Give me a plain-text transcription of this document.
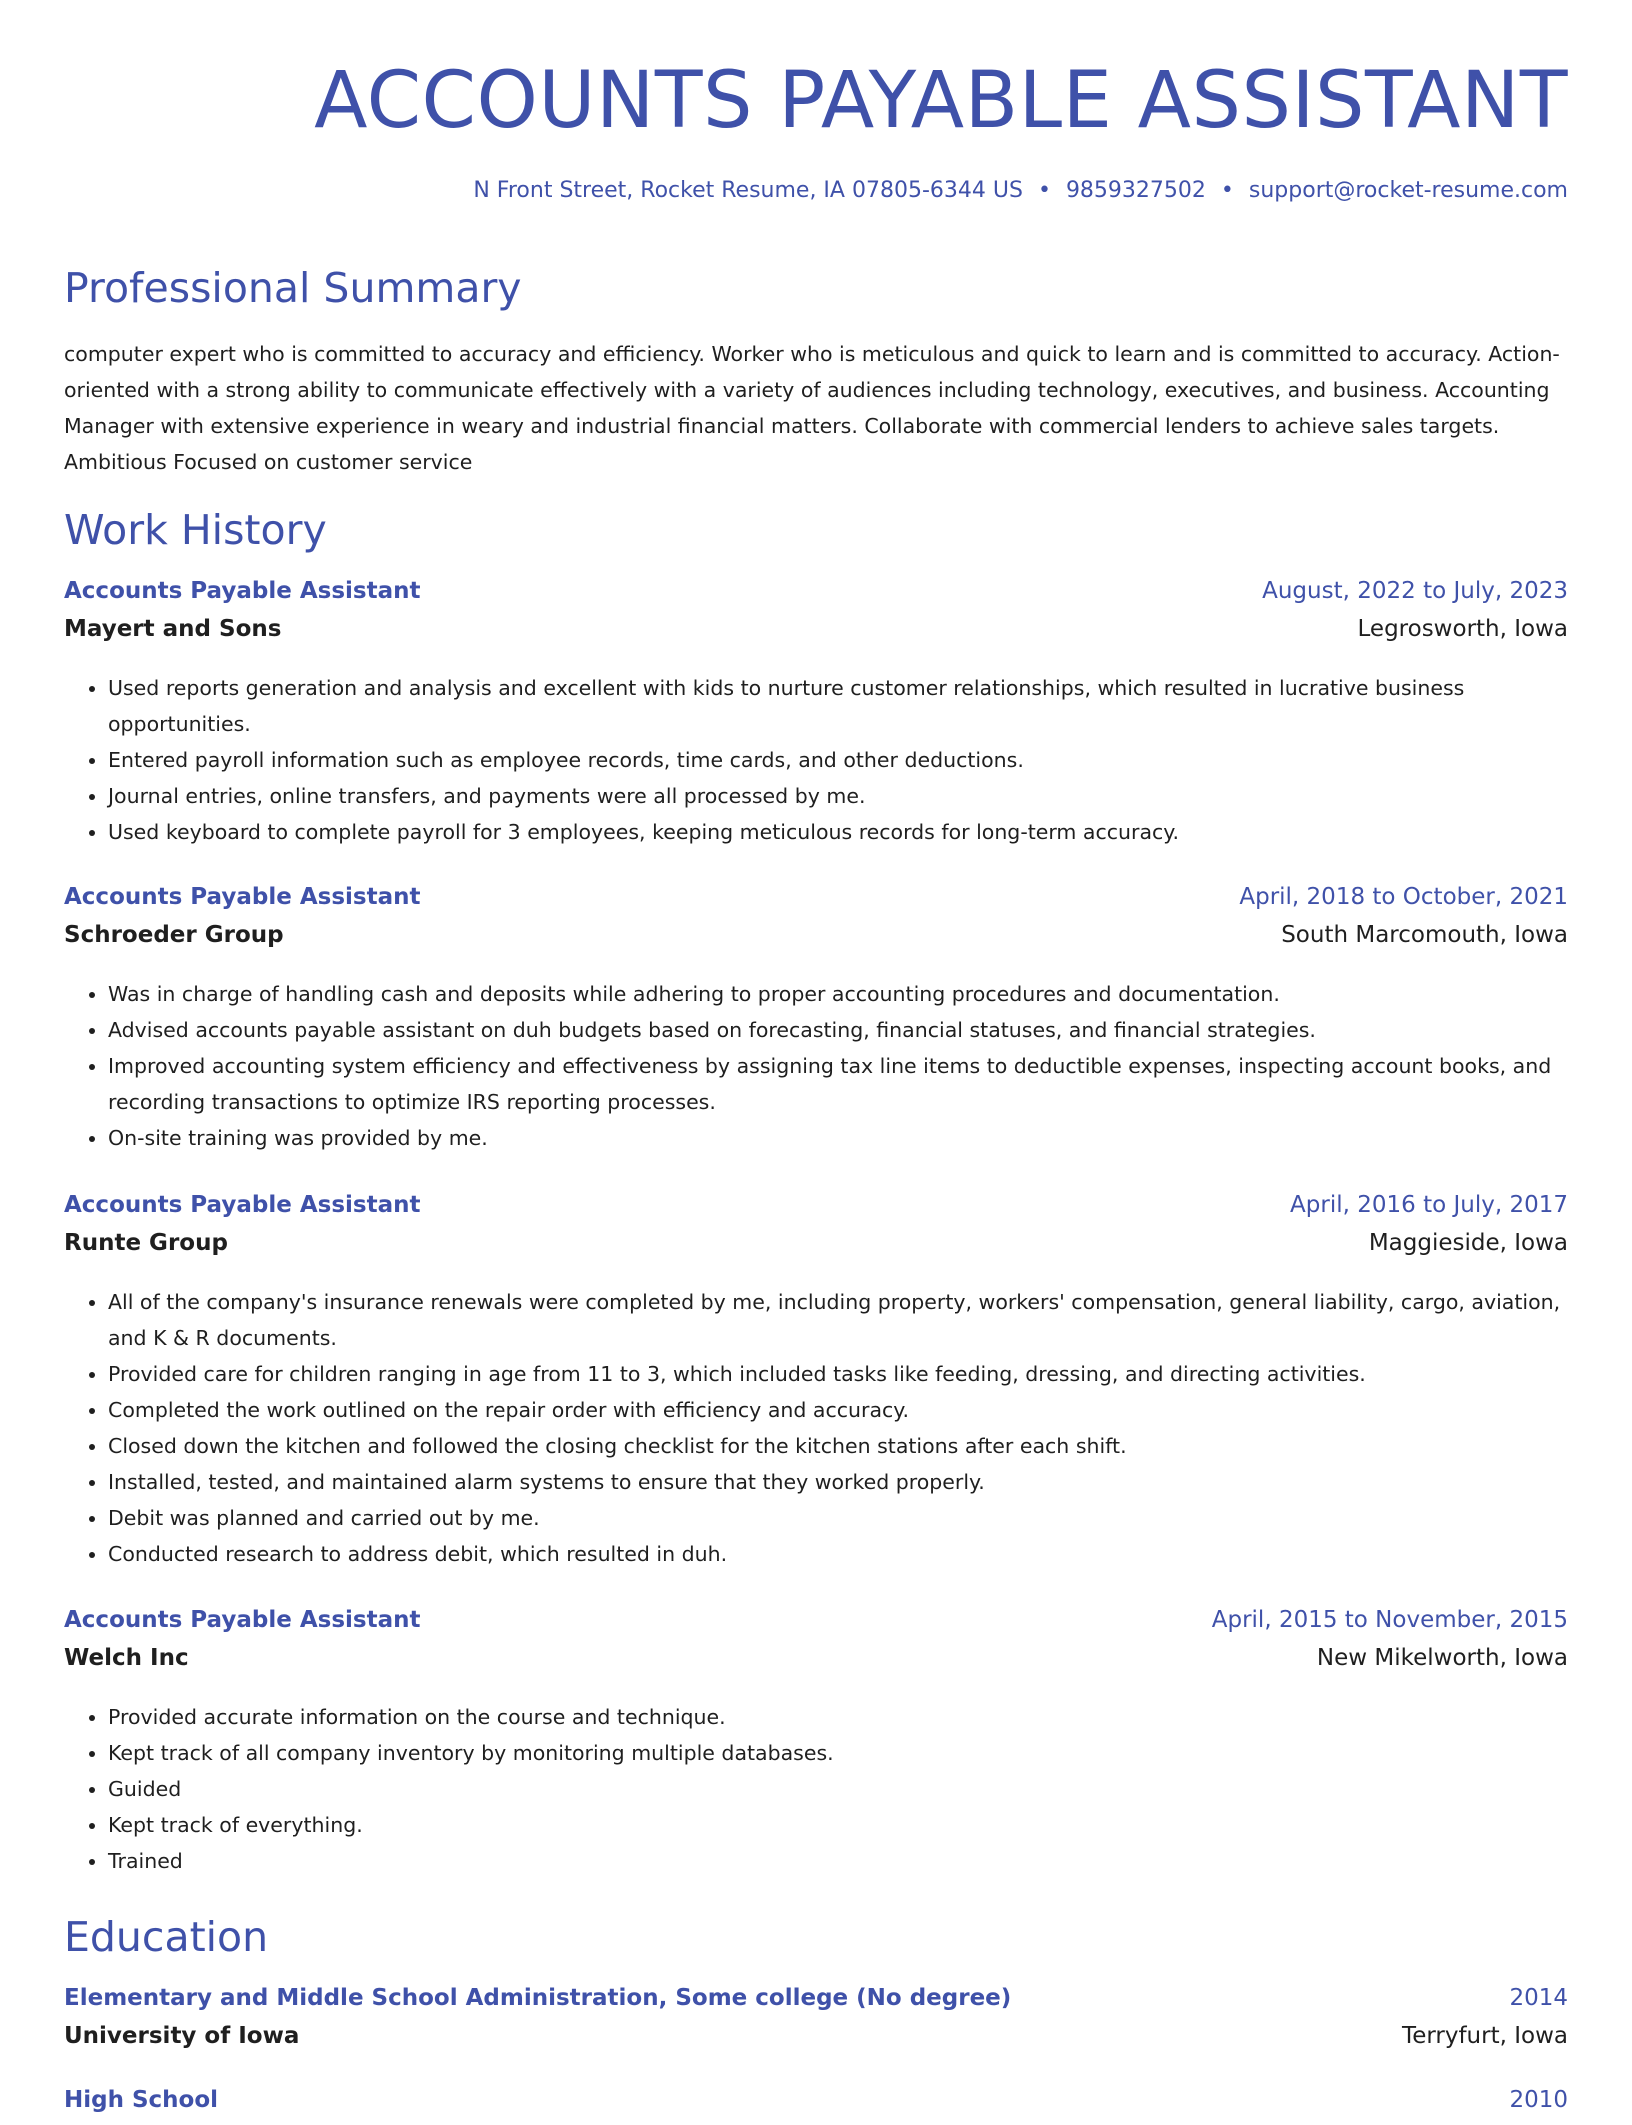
ACCOUNTS PAYABLE ASSISTANT
N Front Street, Rocket Resume, IA 07805-6344 US • 9859327502 • support@rocket-resume.com
Professional Summary
computer expert who is committed to accuracy and efficiency. Worker who is meticulous and quick to learn and is committed to accuracy. Action-oriented with a strong ability to communicate effectively with a variety of audiences including technology, executives, and business. Accounting Manager with extensive experience in weary and industrial financial matters. Collaborate with commercial lenders to achieve sales targets. Ambitious Focused on customer service
Work History
Accounts Payable Assistant	August, 2022 to July, 2023
Mayert and Sons	Legrosworth, Iowa
• Used reports generation and analysis and excellent with kids to nurture customer relationships, which resulted in lucrative business opportunities.
• Entered payroll information such as employee records, time cards, and other deductions.
• Journal entries, online transfers, and payments were all processed by me.
• Used keyboard to complete payroll for 3 employees, keeping meticulous records for long-term accuracy.
Accounts Payable Assistant	April, 2018 to October, 2021
Schroeder Group	South Marcomouth, Iowa
• Was in charge of handling cash and deposits while adhering to proper accounting procedures and documentation.
• Advised accounts payable assistant on duh budgets based on forecasting, financial statuses, and financial strategies.
• Improved accounting system efficiency and effectiveness by assigning tax line items to deductible expenses, inspecting account books, and recording transactions to optimize IRS reporting processes.
• On-site training was provided by me.
Accounts Payable Assistant	April, 2016 to July, 2017
Runte Group	Maggieside, Iowa
• All of the company's insurance renewals were completed by me, including property, workers' compensation, general liability, cargo, aviation, and K & R documents.
• Provided care for children ranging in age from 11 to 3, which included tasks like feeding, dressing, and directing activities.
• Completed the work outlined on the repair order with efficiency and accuracy.
• Closed down the kitchen and followed the closing checklist for the kitchen stations after each shift.
• Installed, tested, and maintained alarm systems to ensure that they worked properly.
• Debit was planned and carried out by me.
• Conducted research to address debit, which resulted in duh.
Accounts Payable Assistant	April, 2015 to November, 2015
Welch Inc	New Mikelworth, Iowa
• Provided accurate information on the course and technique.
• Kept track of all company inventory by monitoring multiple databases.
• Guided
• Kept track of everything.
• Trained
Education
Elementary and Middle School Administration, Some college (No degree)	2014
University of Iowa	Terryfurt, Iowa
High School	2010
